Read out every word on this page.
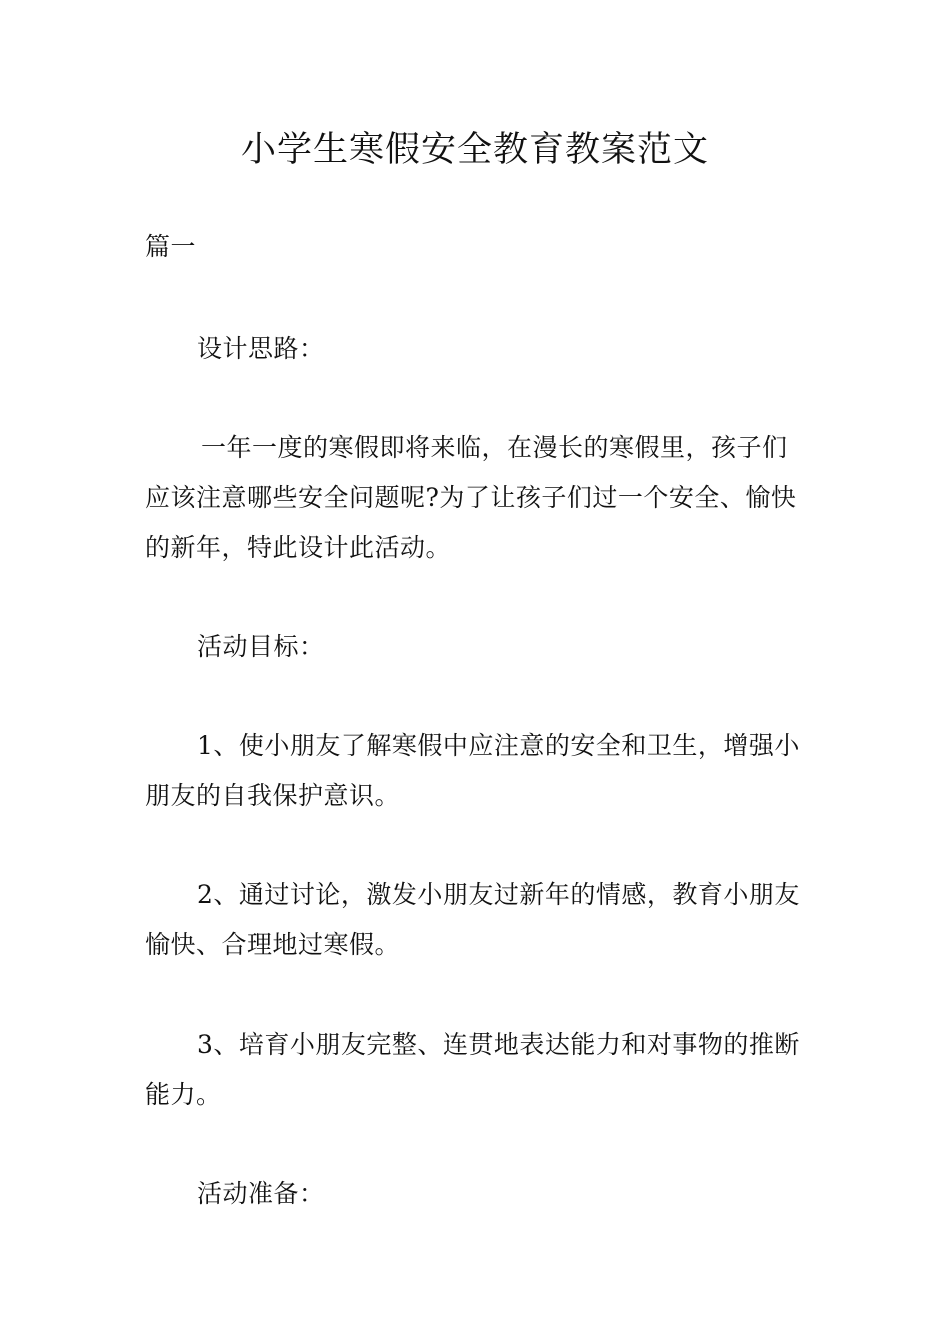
小学生寒假安全教育教案范文

篇一

设计思路：

一年一度的寒假即将来临，在漫长的寒假里，孩子们
应该注意哪些安全问题呢?为了让孩子们过一个安全、愉快
的新年，特此设计此活动。

活动目标：

1、使小朋友了解寒假中应注意的安全和卫生，增强小
朋友的自我保护意识。
2、通过讨论，激发小朋友过新年的情感，教育小朋友
愉快、合理地过寒假。
3、培育小朋友完整、连贯地表达能力和对事物的推断
能力。

活动准备：
